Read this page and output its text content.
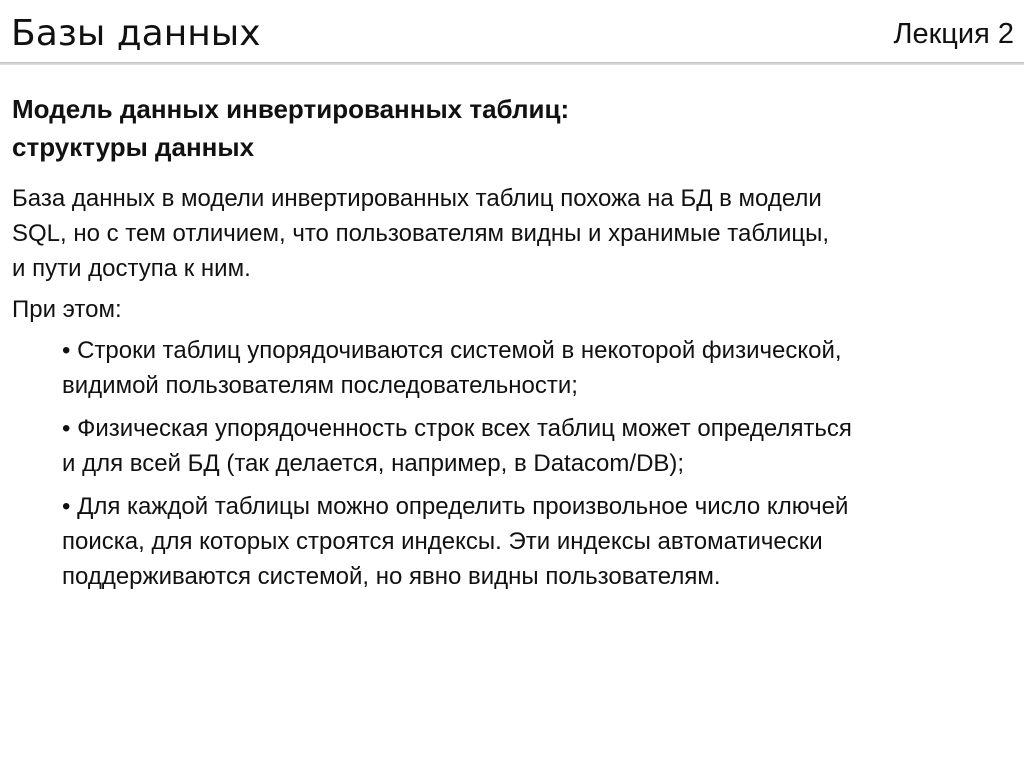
Базы данных	Лекция 2
Модель данных инвертированных таблиц:
структуры данных
База данных в модели инвертированных таблиц похожа на БД в модели
SQL, но с тем отличием, что пользователям видны и хранимые таблицы,
и пути доступа к ним.
При этом:
• Строки таблиц упорядочиваются системой в некоторой физической,
видимой пользователям последовательности;
• Физическая упорядоченность строк всех таблиц может определяться
и для всей БД (так делается, например, в Datacom/DB);
• Для каждой таблицы можно определить произвольное число ключей
поиска, для которых строятся индексы. Эти индексы автоматически
поддерживаются системой, но явно видны пользователям.
